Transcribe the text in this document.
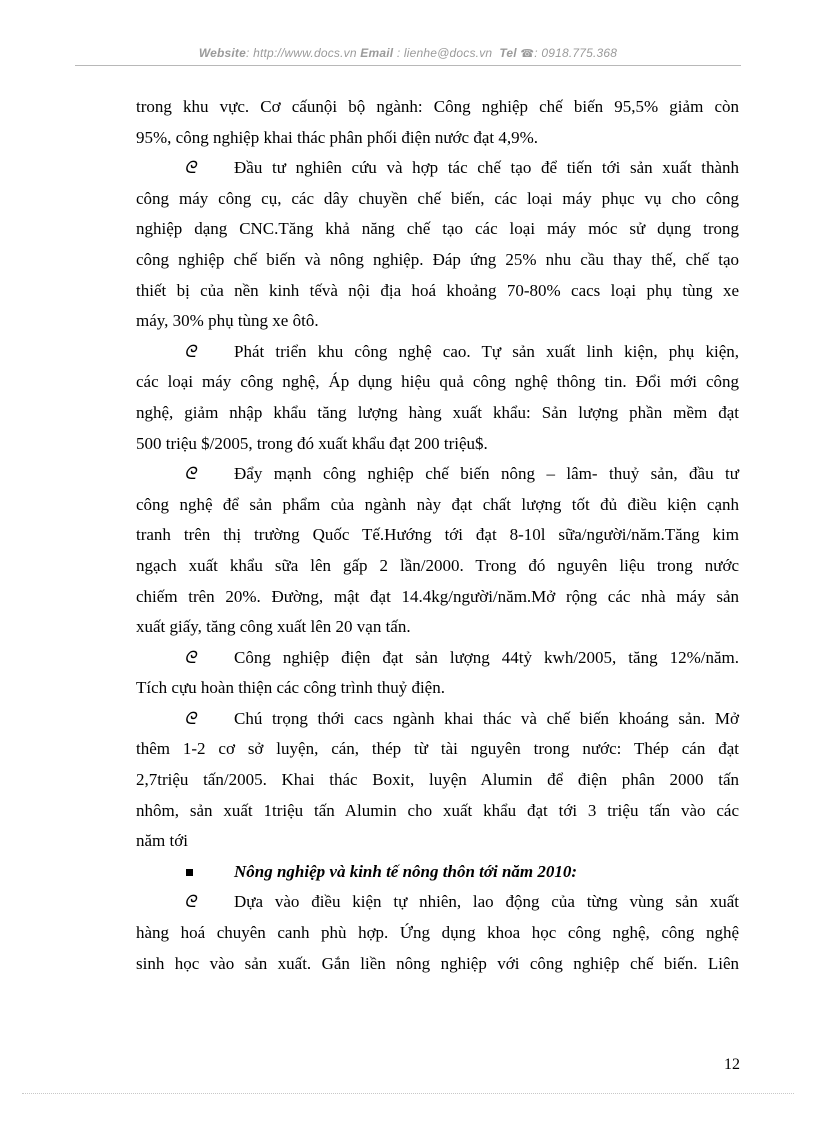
Website: http://www.docs.vn Email : lienhe@docs.vn Tel ☎: 0918.775.368
trong khu vực. Cơ cấunội bộ ngành: Công nghiệp chế biến 95,5% giảm còn
95%, công nghiệp khai thác phân phối điện nước đạt 4,9%.
ᘓ Đầu tư nghiên cứu và hợp tác chế tạo để tiến tới sản xuất thành
công máy công cụ, các dây chuyền chế biến, các loại máy phục vụ cho công
nghiệp dạng CNC.Tăng khả năng chế tạo các loại máy móc sử dụng trong
công nghiệp chế biến và nông nghiệp. Đáp ứng 25% nhu cầu thay thế, chế tạo
thiết bị của nền kinh tếvà nội địa hoá khoảng 70-80% cacs loại phụ tùng xe
máy, 30% phụ tùng xe ôtô.
ᘓ Phát triển khu công nghệ cao. Tự sản xuất linh kiện, phụ kiện,
các loại máy công nghệ, Áp dụng hiệu quả công nghệ thông tin. Đổi mới công
nghệ, giảm nhập khẩu tăng lượng hàng xuất khẩu: Sản lượng phần mềm đạt
500 triệu $/2005, trong đó xuất khẩu đạt 200 triệu$.
ᘓ Đẩy mạnh công nghiệp chế biến nông – lâm- thuỷ sản, đầu tư
công nghệ để sản phẩm của ngành này đạt chất lượng tốt đủ điều kiện cạnh
tranh trên thị trường Quốc Tế.Hướng tới đạt 8-10l sữa/người/năm.Tăng kim
ngạch xuất khẩu sữa lên gấp 2 lần/2000. Trong đó nguyên liệu trong nước
chiếm trên 20%. Đường, mật đạt 14.4kg/người/năm.Mở rộng các nhà máy sản
xuất giấy, tăng công xuất lên 20 vạn tấn.
ᘓ Công nghiệp điện đạt sản lượng 44tỷ kwh/2005, tăng 12%/năm.
Tích cựu hoàn thiện các công trình thuỷ điện.
ᘓ Chú trọng thới cacs ngành khai thác và chế biến khoáng sản. Mở
thêm 1-2 cơ sở luyện, cán, thép từ tài nguyên trong nước: Thép cán đạt
2,7triệu tấn/2005. Khai thác Boxit, luyện Alumin để điện phân 2000 tấn
nhôm, sản xuất 1triệu tấn Alumin cho xuất khẩu đạt tới 3 triệu tấn vào các
năm tới
Nông nghiệp và kinh tế nông thôn tới năm 2010:
ᘓ Dựa vào điều kiện tự nhiên, lao động của từng vùng sản xuất
hàng hoá chuyên canh phù hợp. Ứng dụng khoa học công nghệ, công nghệ
sinh học vào sản xuất. Gắn liền nông nghiệp với công nghiệp chế biến. Liên
12
